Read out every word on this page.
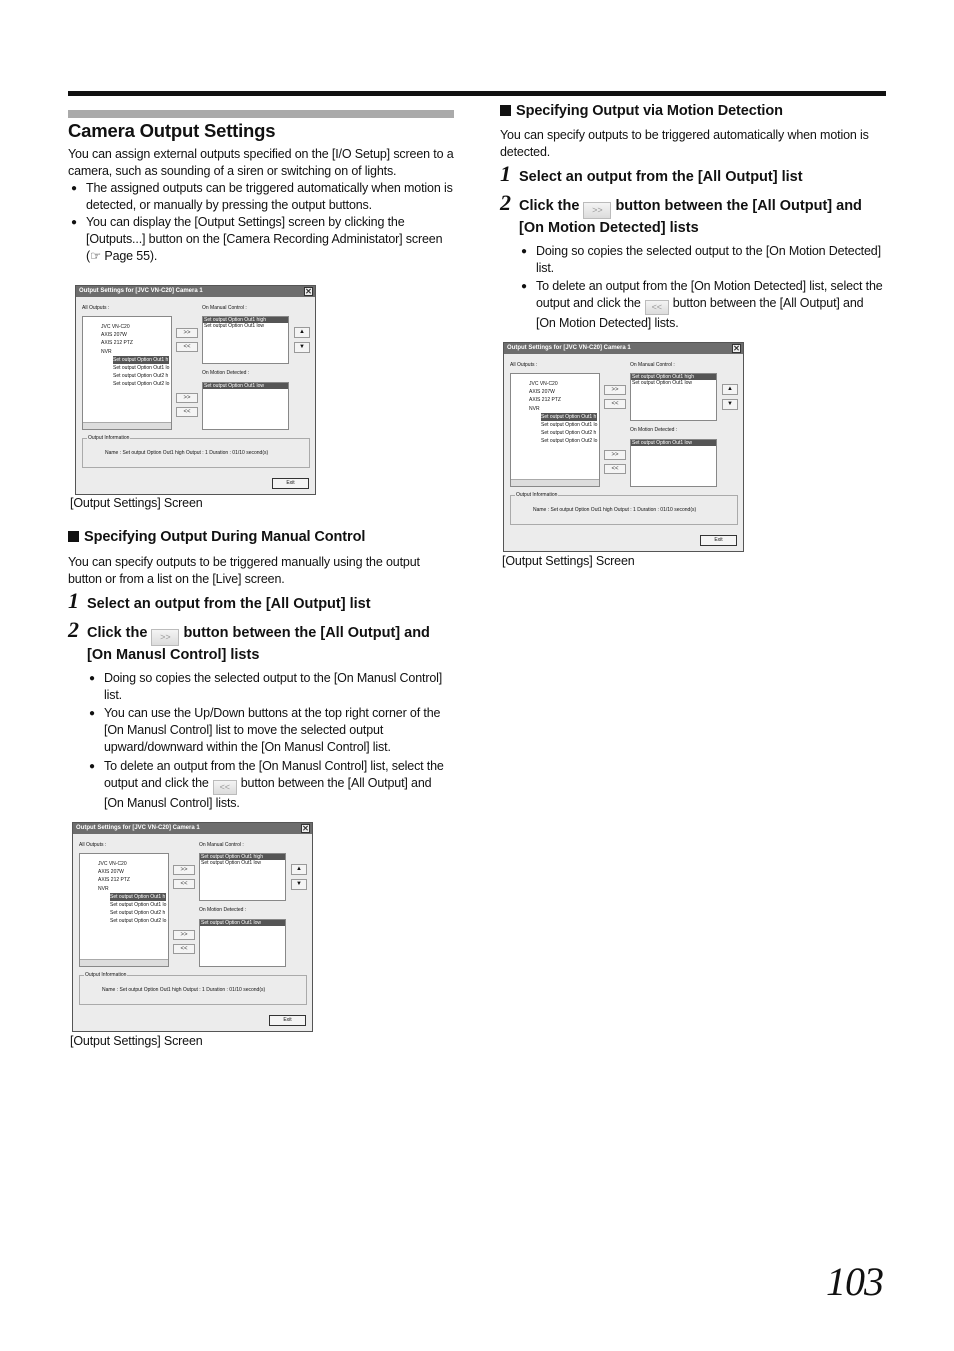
Camera Output Settings
You can assign external outputs specified on the [I/O Setup] screen to a camera, such as sounding of a siren or switching on of lights.
● The assigned outputs can be triggered automatically when motion is detected, or manually by pressing the output buttons.
● You can display the [Output Settings] screen by clicking the [Outputs...] button on the [Camera Recording Administator] screen (☞ Page 55).
Output Settings for [JVC VN-C20] Camera 1	✕
All Outputs :	On Manual Control :
JVC VN-C20
AXIS 207W
AXIS 212 PTZ
NVR
Set output Option Out1 h
Set output Option Out1 lo
Set output Option Out2 h
Set output Option Out2 lo
>>
<<
Set output Option Out1 high
Set output Option Out1 low
▲
▼
On Motion Detected :
Set output Option Out1 low
>>
<<
Output Information
Name : Set output Option Out1 high Output : 1 Duration : 01/10 second(s)
Exit
[Output Settings] Screen
Specifying Output During Manual Control
You can specify outputs to be triggered manually using the output button or from a list on the [Live] screen.
1 Select an output from the [All Output] list
2 Click the >> button between the [All Output] and [On Manusl Control] lists
● Doing so copies the selected output to the [On Manusl Control] list.
● You can use the Up/Down buttons at the top right corner of the [On Manusl Control] list to move the selected output upward/downward within the [On Manusl Control] list.
● To delete an output from the [On Manusl Control] list, select the output and click the << button between the [All Output] and [On Manusl Control] lists.
Output Settings for [JVC VN-C20] Camera 1	✕
All Outputs :	On Manual Control :
JVC VN-C20
AXIS 207W
AXIS 212 PTZ
NVR
Set output Option Out1 h
Set output Option Out1 lo
Set output Option Out2 h
Set output Option Out2 lo
>>
<<
Set output Option Out1 high
Set output Option Out1 low
▲
▼
On Motion Detected :
Set output Option Out1 low
>>
<<
Output Information
Name : Set output Option Out1 high Output : 1 Duration : 01/10 second(s)
Exit
[Output Settings] Screen
Specifying Output via Motion Detection
You can specify outputs to be triggered automatically when motion is detected.
1 Select an output from the [All Output] list
2 Click the >> button between the [All Output] and [On Motion Detected] lists
● Doing so copies the selected output to the [On Motion Detected] list.
● To delete an output from the [On Motion Detected] list, select the output and click the << button between the [All Output] and [On Motion Detected] lists.
Output Settings for [JVC VN-C20] Camera 1	✕
All Outputs :	On Manual Control :
JVC VN-C20
AXIS 207W
AXIS 212 PTZ
NVR
Set output Option Out1 h
Set output Option Out1 lo
Set output Option Out2 h
Set output Option Out2 lo
>>
<<
Set output Option Out1 high
Set output Option Out1 low
▲
▼
On Motion Detected :
Set output Option Out1 low
>>
<<
Output Information
Name : Set output Option Out1 high Output : 1 Duration : 01/10 second(s)
Exit
[Output Settings] Screen
103
